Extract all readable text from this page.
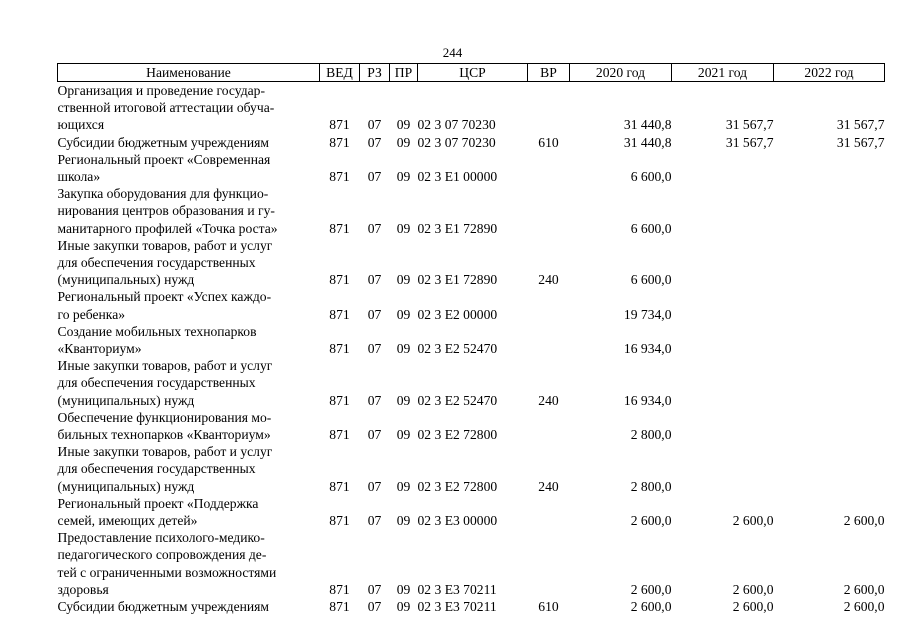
244
Наименование	ВЕД	РЗ	ПР	ЦСР	ВР	2020 год	2021 год	2022 год
Организация и проведение государ-
ственной итоговой аттестации обуча-
ющихся	871	07	09	02 3 07 70230		31 440,8	31 567,7	31 567,7
Субсидии бюджетным учреждениям	871	07	09	02 3 07 70230	610	31 440,8	31 567,7	31 567,7
Региональный проект «Современная
школа»	871	07	09	02 3 E1 00000		6 600,0		
Закупка оборудования для функцио-
нирования центров образования и гу-
манитарного профилей «Точка роста»	871	07	09	02 3 E1 72890		6 600,0		
Иные закупки товаров, работ и услуг
для обеспечения государственных
(муниципальных) нужд	871	07	09	02 3 E1 72890	240	6 600,0		
Региональный проект «Успех каждо-
го ребенка»	871	07	09	02 3 E2 00000		19 734,0		
Создание мобильных технопарков
«Кванториум»	871	07	09	02 3 E2 52470		16 934,0		
Иные закупки товаров, работ и услуг
для обеспечения государственных
(муниципальных) нужд	871	07	09	02 3 E2 52470	240	16 934,0		
Обеспечение функционирования мо-
бильных технопарков «Кванториум»	871	07	09	02 3 E2 72800		2 800,0		
Иные закупки товаров, работ и услуг
для обеспечения государственных
(муниципальных) нужд	871	07	09	02 3 E2 72800	240	2 800,0		
Региональный проект «Поддержка
семей, имеющих детей»	871	07	09	02 3 E3 00000		2 600,0	2 600,0	2 600,0
Предоставление психолого-медико-
педагогического сопровождения де-
тей с ограниченными возможностями
здоровья	871	07	09	02 3 E3 70211		2 600,0	2 600,0	2 600,0
Субсидии бюджетным учреждениям	871	07	09	02 3 E3 70211	610	2 600,0	2 600,0	2 600,0
